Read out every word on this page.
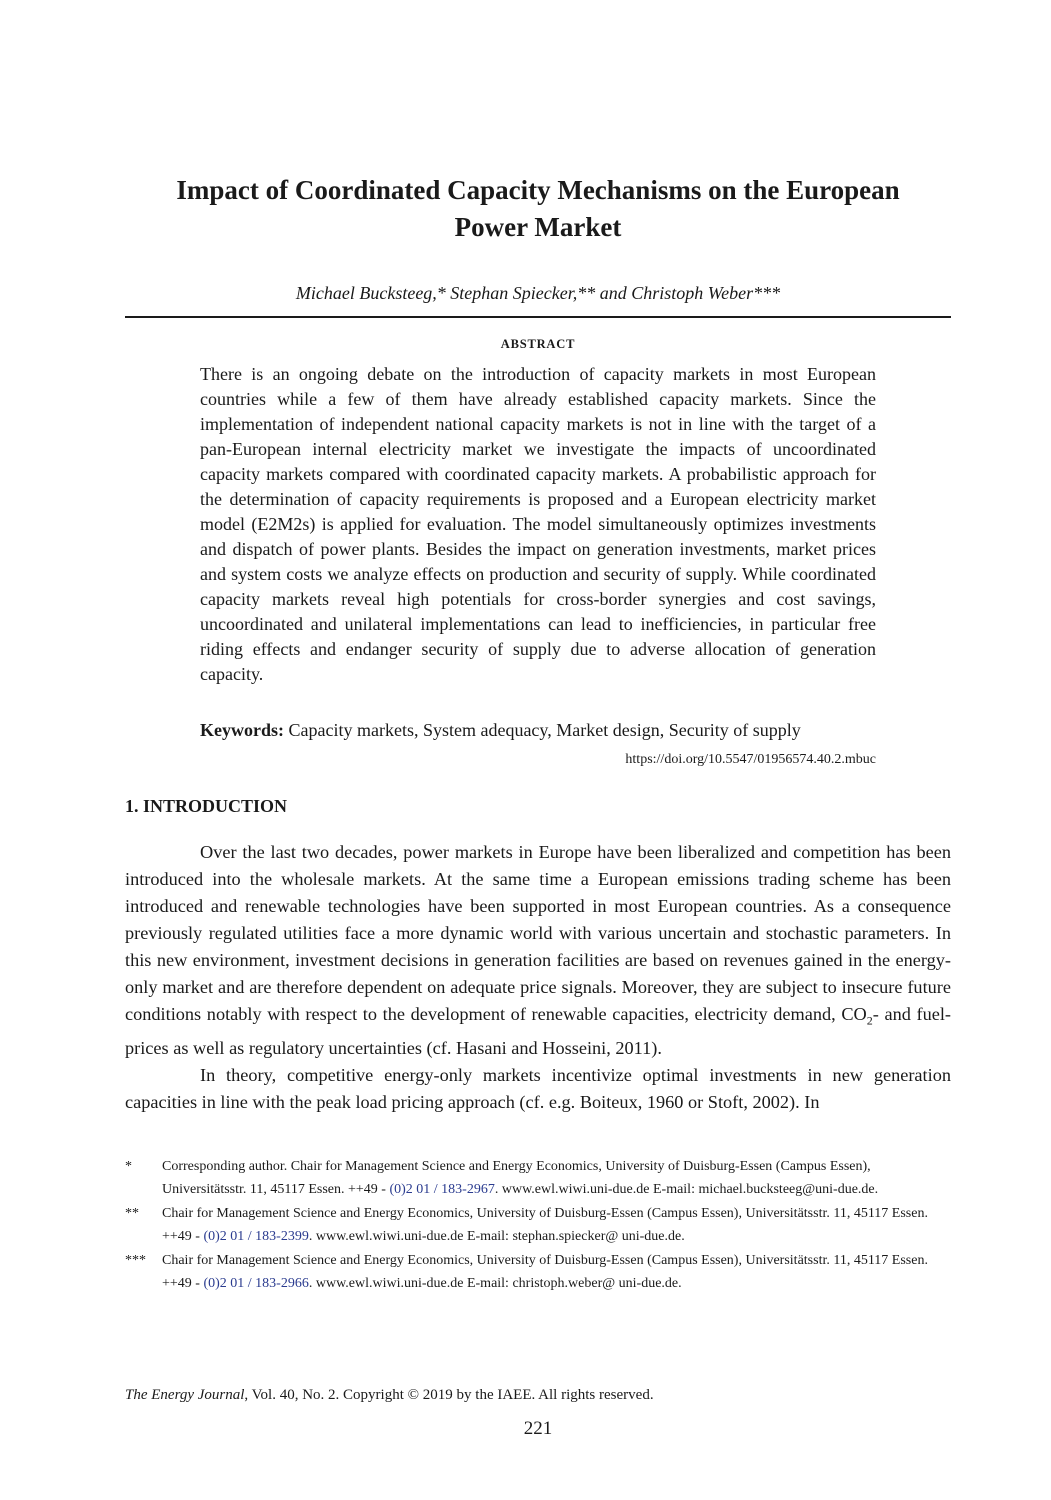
Impact of Coordinated Capacity Mechanisms on the European
Power Market

Michael Bucksteeg,* Stephan Spiecker,** and Christoph Weber***

ABSTRACT

There is an ongoing debate on the introduction of capacity markets in most European countries while a few of them have already established capacity markets. Since the implementation of independent national capacity markets is not in line with the target of a pan-European internal electricity market we investigate the impacts of uncoordinated capacity markets compared with coordinated capacity markets. A probabilistic approach for the determination of capacity requirements is proposed and a European electricity market model (E2M2s) is applied for evaluation. The model simultaneously optimizes investments and dispatch of power plants. Besides the impact on generation investments, market prices and system costs we analyze effects on production and security of supply. While coordinated capacity markets reveal high potentials for cross-border synergies and cost savings, uncoordinated and unilateral implementations can lead to inefficiencies, in particular free riding effects and endanger security of supply due to adverse allocation of generation capacity.

Keywords: Capacity markets, System adequacy, Market design, Security of supply

https://doi.org/10.5547/01956574.40.2.mbuc

1. INTRODUCTION

Over the last two decades, power markets in Europe have been liberalized and competition has been introduced into the wholesale markets. At the same time a European emissions trading scheme has been introduced and renewable technologies have been supported in most European countries. As a consequence previously regulated utilities face a more dynamic world with various uncertain and stochastic parameters. In this new environment, investment decisions in generation facilities are based on revenues gained in the energy-only market and are therefore dependent on adequate price signals. Moreover, they are subject to insecure future conditions notably with respect to the development of renewable capacities, electricity demand, $CO_2-$ and fuel-prices as well as regulatory uncertainties (cf. Hasani and Hosseini, 2011).

In theory, competitive energy-only markets incentivize optimal investments in new generation capacities in line with the peak load pricing approach (cf. e.g. Boiteux, 1960 or Stoft, 2002). In

* Corresponding author. Chair for Management Science and Energy Economics, University of Duisburg-Essen (Campus Essen), Universitätsstr. 11, 45117 Essen. ++49 - (0)2 01 / 183-2967. www.ewl.wiwi.uni-due.de E-mail: michael.bucksteeg@uni-due.de.
** Chair for Management Science and Energy Economics, University of Duisburg-Essen (Campus Essen), Universitätsstr. 11, 45117 Essen. ++49 - (0)2 01 / 183-2399. www.ewl.wiwi.uni-due.de E-mail: stephan.spiecker@ uni-due.de.
*** Chair for Management Science and Energy Economics, University of Duisburg-Essen (Campus Essen), Universitätsstr. 11, 45117 Essen. ++49 - (0)2 01 / 183-2966. www.ewl.wiwi.uni-due.de E-mail: christoph.weber@ uni-due.de.

The Energy Journal, Vol. 40, No. 2. Copyright © 2019 by the IAEE. All rights reserved.

221
